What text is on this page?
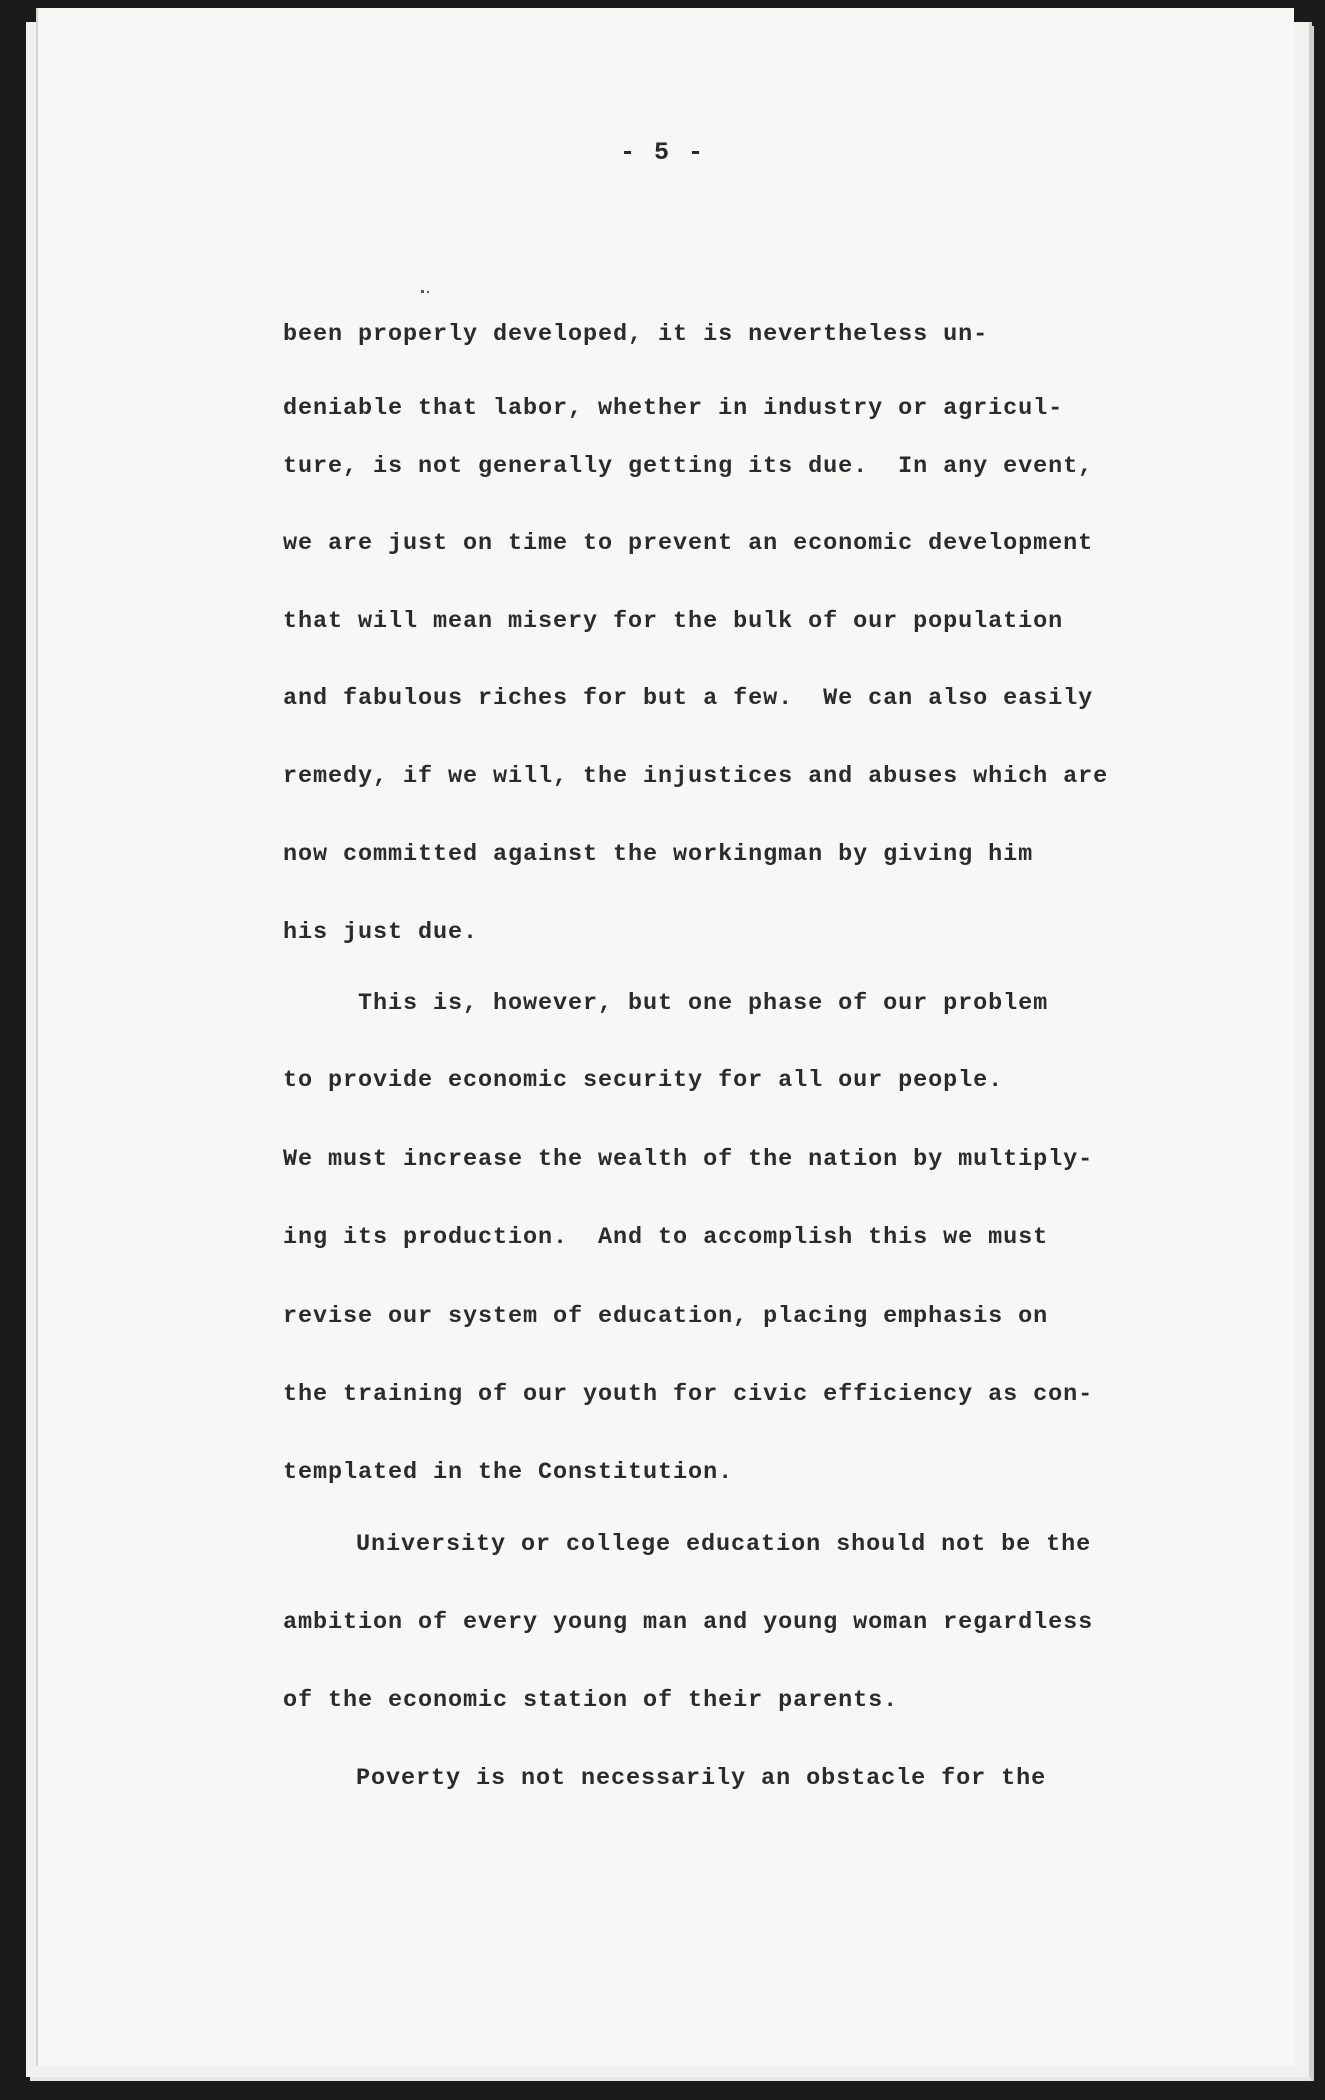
- 5 -

been properly developed, it is nevertheless un-

deniable that labor, whether in industry or agricul-

ture, is not generally getting its due.  In any event,

we are just on time to prevent an economic development

that will mean misery for the bulk of our population

and fabulous riches for but a few.  We can also easily

remedy, if we will, the injustices and abuses which are

now committed against the workingman by giving him

his just due.

This is, however, but one phase of our problem

to provide economic security for all our people.

We must increase the wealth of the nation by multiply-

ing its production.  And to accomplish this we must

revise our system of education, placing emphasis on

the training of our youth for civic efficiency as con-

templated in the Constitution.

University or college education should not be the

ambition of every young man and young woman regardless

of the economic station of their parents.

Poverty is not necessarily an obstacle for the
